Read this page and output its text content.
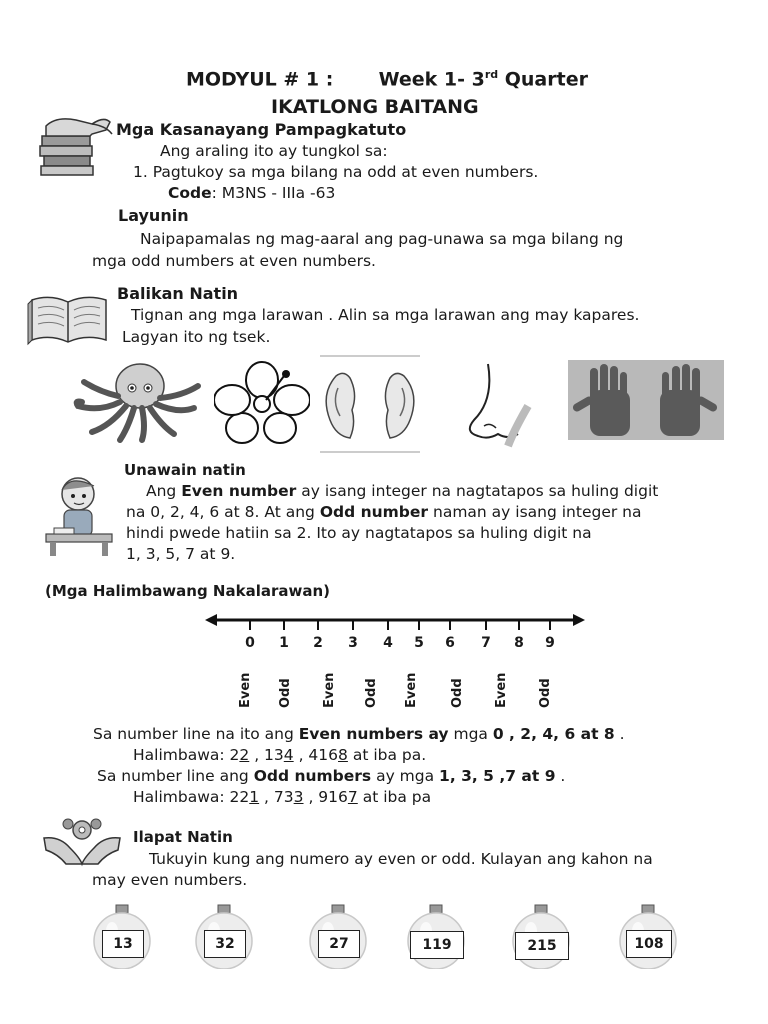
MODYUL # 1 : Week 1- 3rd Quarter
IKATLONG BAITANG
Mga Kasanayang Pampagkatuto
Ang araling ito ay tungkol sa:
1. Pagtukoy sa mga bilang na odd at even numbers.
Code: M3NS - IIIa -63
Layunin
Naipapamalas ng mag-aaral ang pag-unawa sa mga bilang ng
mga odd numbers at even numbers.
Balikan Natin
Tignan ang mga larawan . Alin sa mga larawan ang may kapares.
Lagyan ito ng tsek.
Unawain natin
Ang Even number ay isang integer na nagtatapos sa huling digit
na 0, 2, 4, 6 at 8. At ang Odd number naman ay isang integer na
hindi pwede hatiin sa 2. Ito ay nagtatapos sa huling digit na
1, 3, 5, 7 at 9.
(Mga Halimbawang Nakalarawan)
0	1	2	3	4	5	6	7	8	9
Even Odd Even Odd Even Odd Even Odd
Sa number line na ito ang Even numbers ay mga 0 , 2, 4, 6 at 8 .
Halimbawa: 22 , 134 , 4168 at iba pa.
Sa number line ang Odd numbers ay mga 1, 3, 5 ,7 at 9 .
Halimbawa: 221 , 733 , 9167 at iba pa
Ilapat Natin
Tukuyin kung ang numero ay even or odd. Kulayan ang kahon na
may even numbers.
13	32	27	119	215	108
